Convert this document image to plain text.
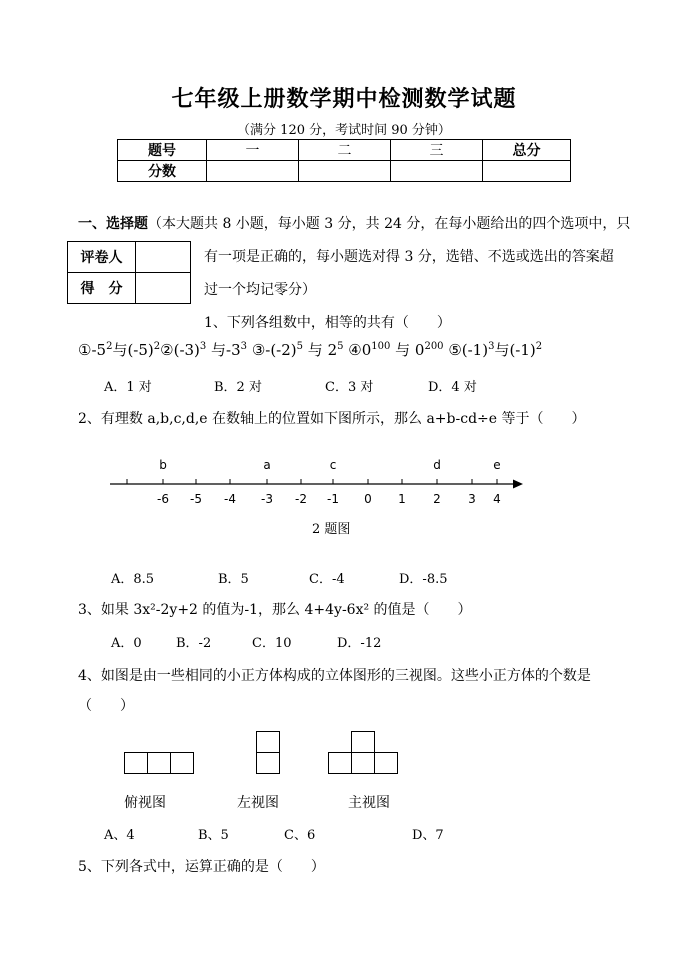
七年级上册数学期中检测数学试题
（满分 120 分，考试时间 90 分钟）
题号	一	二	三	总分
分数				
评卷人	
得　分	
一、选择题（本大题共 8 小题，每小题 3 分，共 24 分，在每小题给出的四个选项中，只
有一项是正确的，每小题选对得 3 分，选错、不选或选出的答案超
过一个均记零分）
1、下列各组数中，相等的共有（　　）
$①-5^2$与$(-5)^2②(-3)^3$ 与$-3^3$ $③-(-2)^5$ 与 $2^5$ $④0^{100}$ 与 $0^{200}$ $⑤(-1)^3$与$(-1)^2$
A．1 对	B．2 对	C．3 对	D．4 对
2、有理数 a,b,c,d,e 在数轴上的位置如下图所示，那么 a+b-cd÷e 等于（　　）
-6 -5 -4 -3 -2 -1 0 1 2 3 4
b	a	c	d	e
2 题图
A．8.5	B．5	C．-4	D．-8.5
3、如果 3x²-2y+2 的值为-1，那么 4+4y-6x² 的值是（　　）
A．0	B．-2	C．10	D．-12
4、如图是由一些相同的小正方体构成的立体图形的三视图。这些小正方体的个数是
（　　）
俯视图	左视图	主视图
A、4	B、5	C、6	D、7
5、下列各式中，运算正确的是（　　）
